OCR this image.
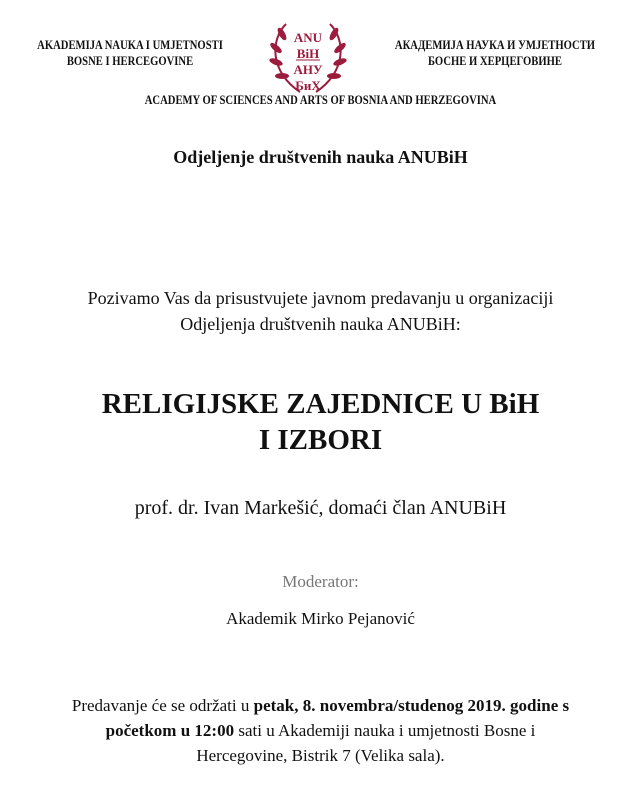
AKADEMIJA NAUKA I UMJETNOSTI
BOSNE I HERCEGOVINE
ANU
BiH
АНУ
БиХ
АКАДЕМИЈА НАУКА И УМЈЕТНОСТИ
БОСНЕ И ХЕРЦЕГОВИНЕ
ACADEMY OF SCIENCES AND ARTS OF BOSNIA AND HERZEGOVINA
Odjeljenje društvenih nauka ANUBiH
Pozivamo Vas da prisustvujete javnom predavanju u organizaciji
Odjeljenja društvenih nauka ANUBiH:
RELIGIJSKE ZAJEDNICE U BiH
I IZBORI
prof. dr. Ivan Markešić, domaći član ANUBiH
Moderator:
Akademik Mirko Pejanović
Predavanje će se održati u petak, 8. novembra/studenog 2019. godine s
početkom u 12:00 sati u Akademiji nauka i umjetnosti Bosne i
Hercegovine, Bistrik 7 (Velika sala).
